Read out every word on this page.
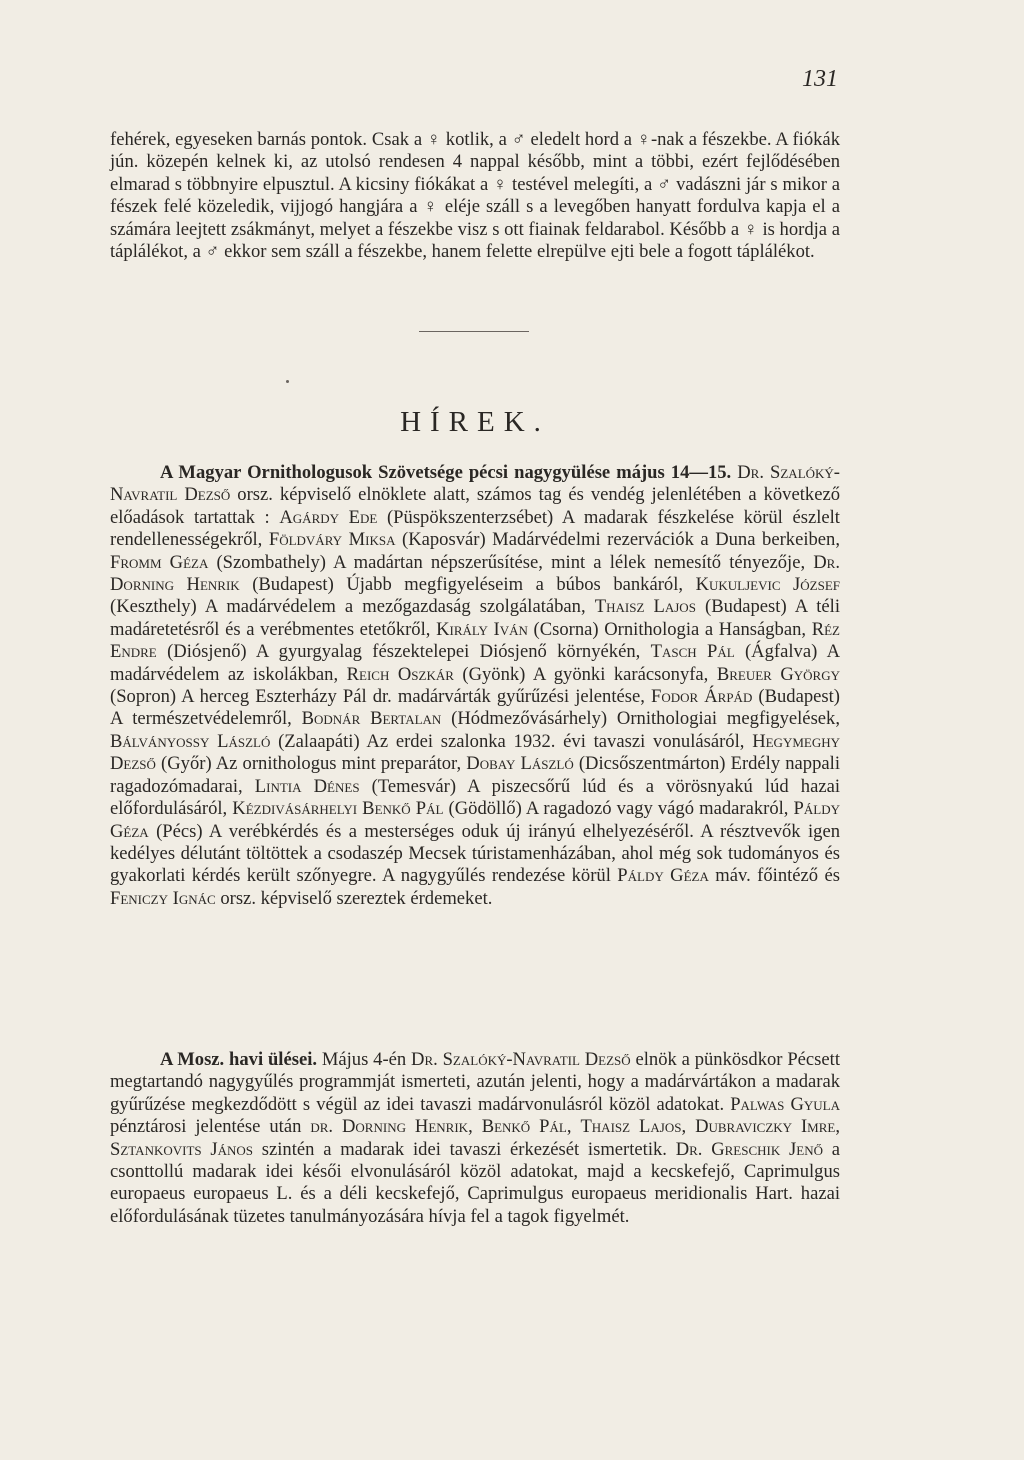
131

fehérek, egyeseken barnás pontok. Csak a ♀ kotlik, a ♂ eledelt hord a ♀-nak a fészekbe. A fiókák jún. közepén kelnek ki, az utolsó rendesen 4 nappal később, mint a többi, ezért fejlődésében elmarad s többnyire elpusztul. A kicsiny fiókákat a ♀ testével melegíti, a ♂ vadászni jár s mikor a fészek felé közeledik, vijjogó hangjára a ♀ eléje száll s a levegőben hanyatt fordulva kapja el a számára leejtett zsákmányt, melyet a fészekbe visz s ott fiainak feldarabol. Később a ♀ is hordja a táplálékot, a ♂ ekkor sem száll a fészekbe, hanem felette elrepülve ejti bele a fogott táplálékot.

HÍREK.

A Magyar Ornithologusok Szövetsége pécsi nagygyülése május 14—15. Dr. Szalóký-Navratil Dezső orsz. képviselő elnöklete alatt, számos tag és vendég jelenlétében a következő előadások tartattak : Agárdy Ede (Püspökszenterzsébet) A madarak fészkelése körül észlelt rendellenességekről, Földváry Miksa (Kaposvár) Madárvédelmi rezervációk a Duna berkeiben, Fromm Géza (Szombathely) A madártan népszerűsítése, mint a lélek nemesítő tényezője, Dr. Dorning Henrik (Budapest) Újabb megfigyeléseim a búbos bankáról, Kukuljevic József (Keszthely) A madárvédelem a mezőgazdaság szolgálatában, Thaisz Lajos (Budapest) A téli madáretetésről és a verébmentes etetőkről, Király Iván (Csorna) Ornithologia a Hanságban, Réz Endre (Diósjenő) A gyurgyalag fészektelepei Diósjenő környékén, Tasch Pál (Ágfalva) A madárvédelem az iskolákban, Reich Oszkár (Gyönk) A gyönki karácsonyfa, Breuer György (Sopron) A herceg Eszterházy Pál dr. madárvárták gyűrűzési jelentése, Fodor Árpád (Budapest) A természetvédelemről, Bodnár Bertalan (Hódmezővásárhely) Ornithologiai megfigyelések, Bálványossy László (Zalaapáti) Az erdei szalonka 1932. évi tavaszi vonulásáról, Hegymeghy Dezső (Győr) Az ornithologus mint preparátor, Dobay László (Dicsőszentmárton) Erdély nappali ragadozómadarai, Lintia Dénes (Temesvár) A piszecsőrű lúd és a vörösnyakú lúd hazai előfordulásáról, Kézdivásárhelyi Benkő Pál (Gödöllő) A ragadozó vagy vágó madarakról, Páldy Géza (Pécs) A verébkérdés és a mesterséges oduk új irányú elhelyezéséről. A résztvevők igen kedélyes délutánt töltöttek a csodaszép Mecsek túristamenházában, ahol még sok tudományos és gyakorlati kérdés került szőnyegre. A nagygyűlés rendezése körül Páldy Géza máv. főintéző és Feniczy Ignác orsz. képviselő szereztek érdemeket.

A Mosz. havi ülései. Május 4-én Dr. Szalóký-Navratil Dezső elnök a pünkösdkor Pécsett megtartandó nagygyűlés programmját ismerteti, azután jelenti, hogy a madárvártákon a madarak gyűrűzése megkezdődött s végül az idei tavaszi madárvonulásról közöl adatokat. Palwas Gyula pénztárosi jelentése után dr. Dorning Henrik, Benkő Pál, Thaisz Lajos, Dubraviczky Imre, Sztankovits János szintén a madarak idei tavaszi érkezését ismertetik. Dr. Greschik Jenő a csonttollú madarak idei késői elvonulásáról közöl adatokat, majd a kecskefejő, Caprimulgus europaeus europaeus L. és a déli kecskefejő, Caprimulgus europaeus meridionalis Hart. hazai előfordulásának tüzetes tanulmányozására hívja fel a tagok figyelmét.
